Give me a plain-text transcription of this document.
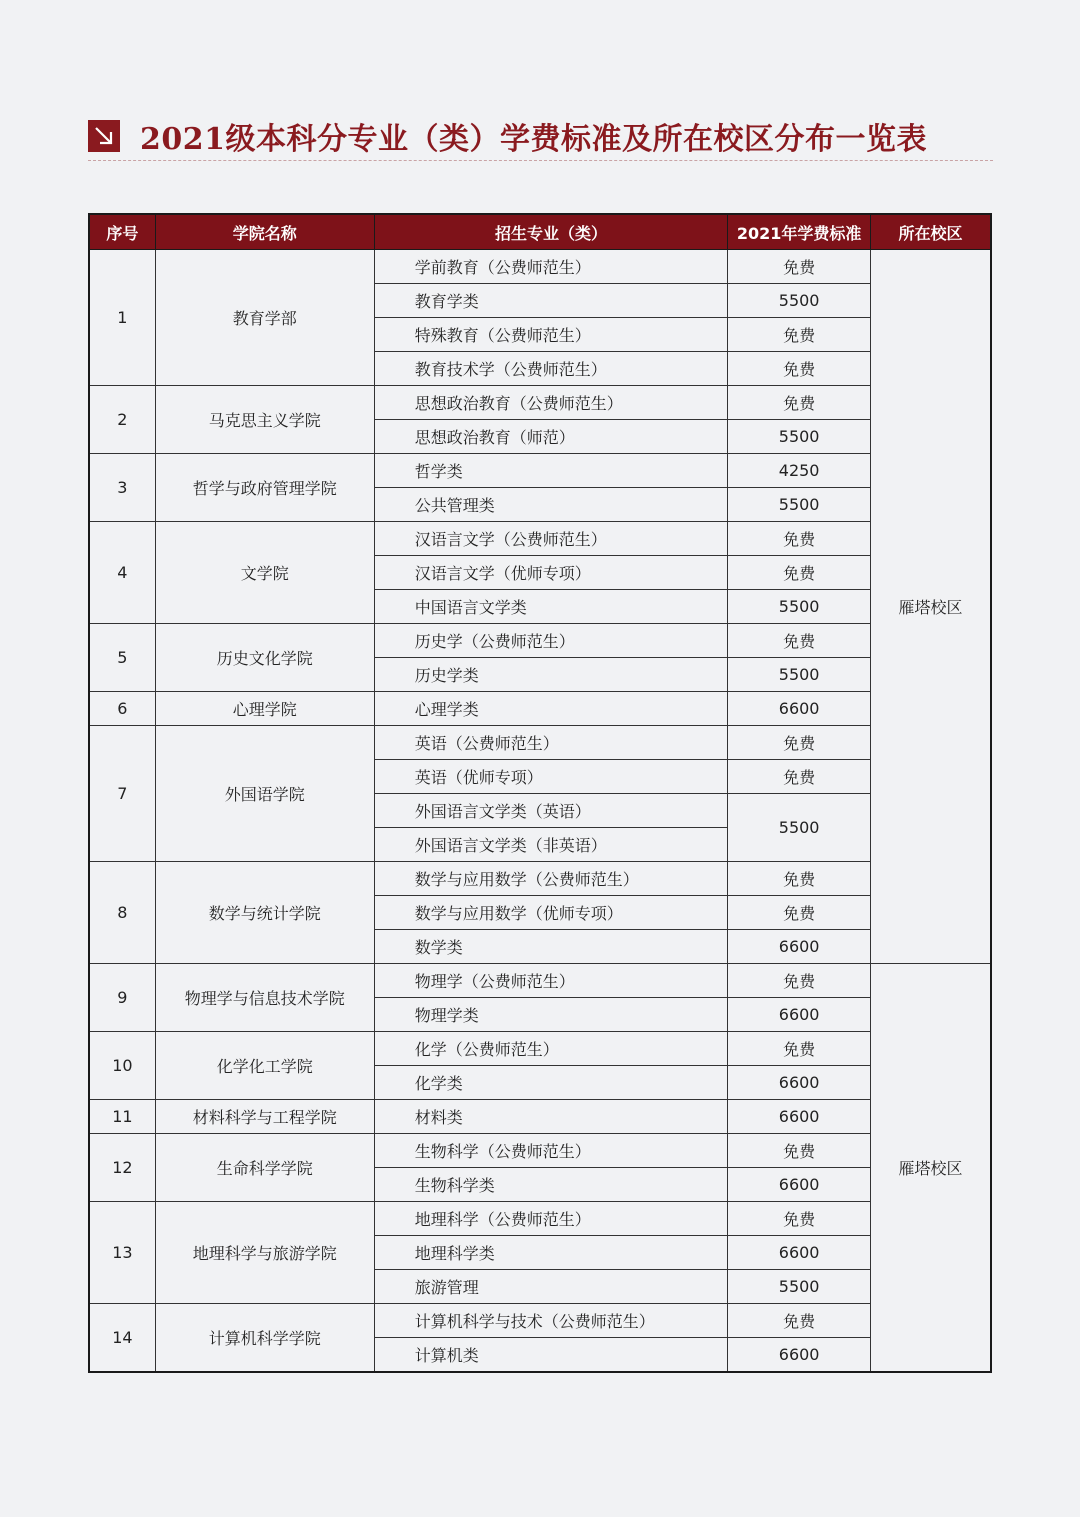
2021级本科分专业（类）学费标准及所在校区分布一览表
序号	学院名称	招生专业（类）	2021年学费标准	所在校区
1	教育学部	学前教育（公费师范生）	免费	雁塔校区
		教育学类	5500	
		特殊教育（公费师范生）	免费	
		教育技术学（公费师范生）	免费	
2	马克思主义学院	思想政治教育（公费师范生）	免费	
		思想政治教育（师范）	5500	
3	哲学与政府管理学院	哲学类	4250	
		公共管理类	5500	
4	文学院	汉语言文学（公费师范生）	免费	
		汉语言文学（优师专项）	免费	
		中国语言文学类	5500	
5	历史文化学院	历史学（公费师范生）	免费	
		历史学类	5500	
6	心理学院	心理学类	6600	
7	外国语学院	英语（公费师范生）	免费	
		英语（优师专项）	免费	
		外国语言文学类（英语）	5500	
		外国语言文学类（非英语）		
8	数学与统计学院	数学与应用数学（公费师范生）	免费	
		数学与应用数学（优师专项）	免费	
		数学类	6600	
9	物理学与信息技术学院	物理学（公费师范生）	免费	雁塔校区
		物理学类	6600	
10	化学化工学院	化学（公费师范生）	免费	
		化学类	6600	
11	材料科学与工程学院	材料类	6600	
12	生命科学学院	生物科学（公费师范生）	免费	
		生物科学类	6600	
13	地理科学与旅游学院	地理科学（公费师范生）	免费	
		地理科学类	6600	
		旅游管理	5500	
14	计算机科学学院	计算机科学与技术（公费师范生）	免费	
		计算机类	6600	
